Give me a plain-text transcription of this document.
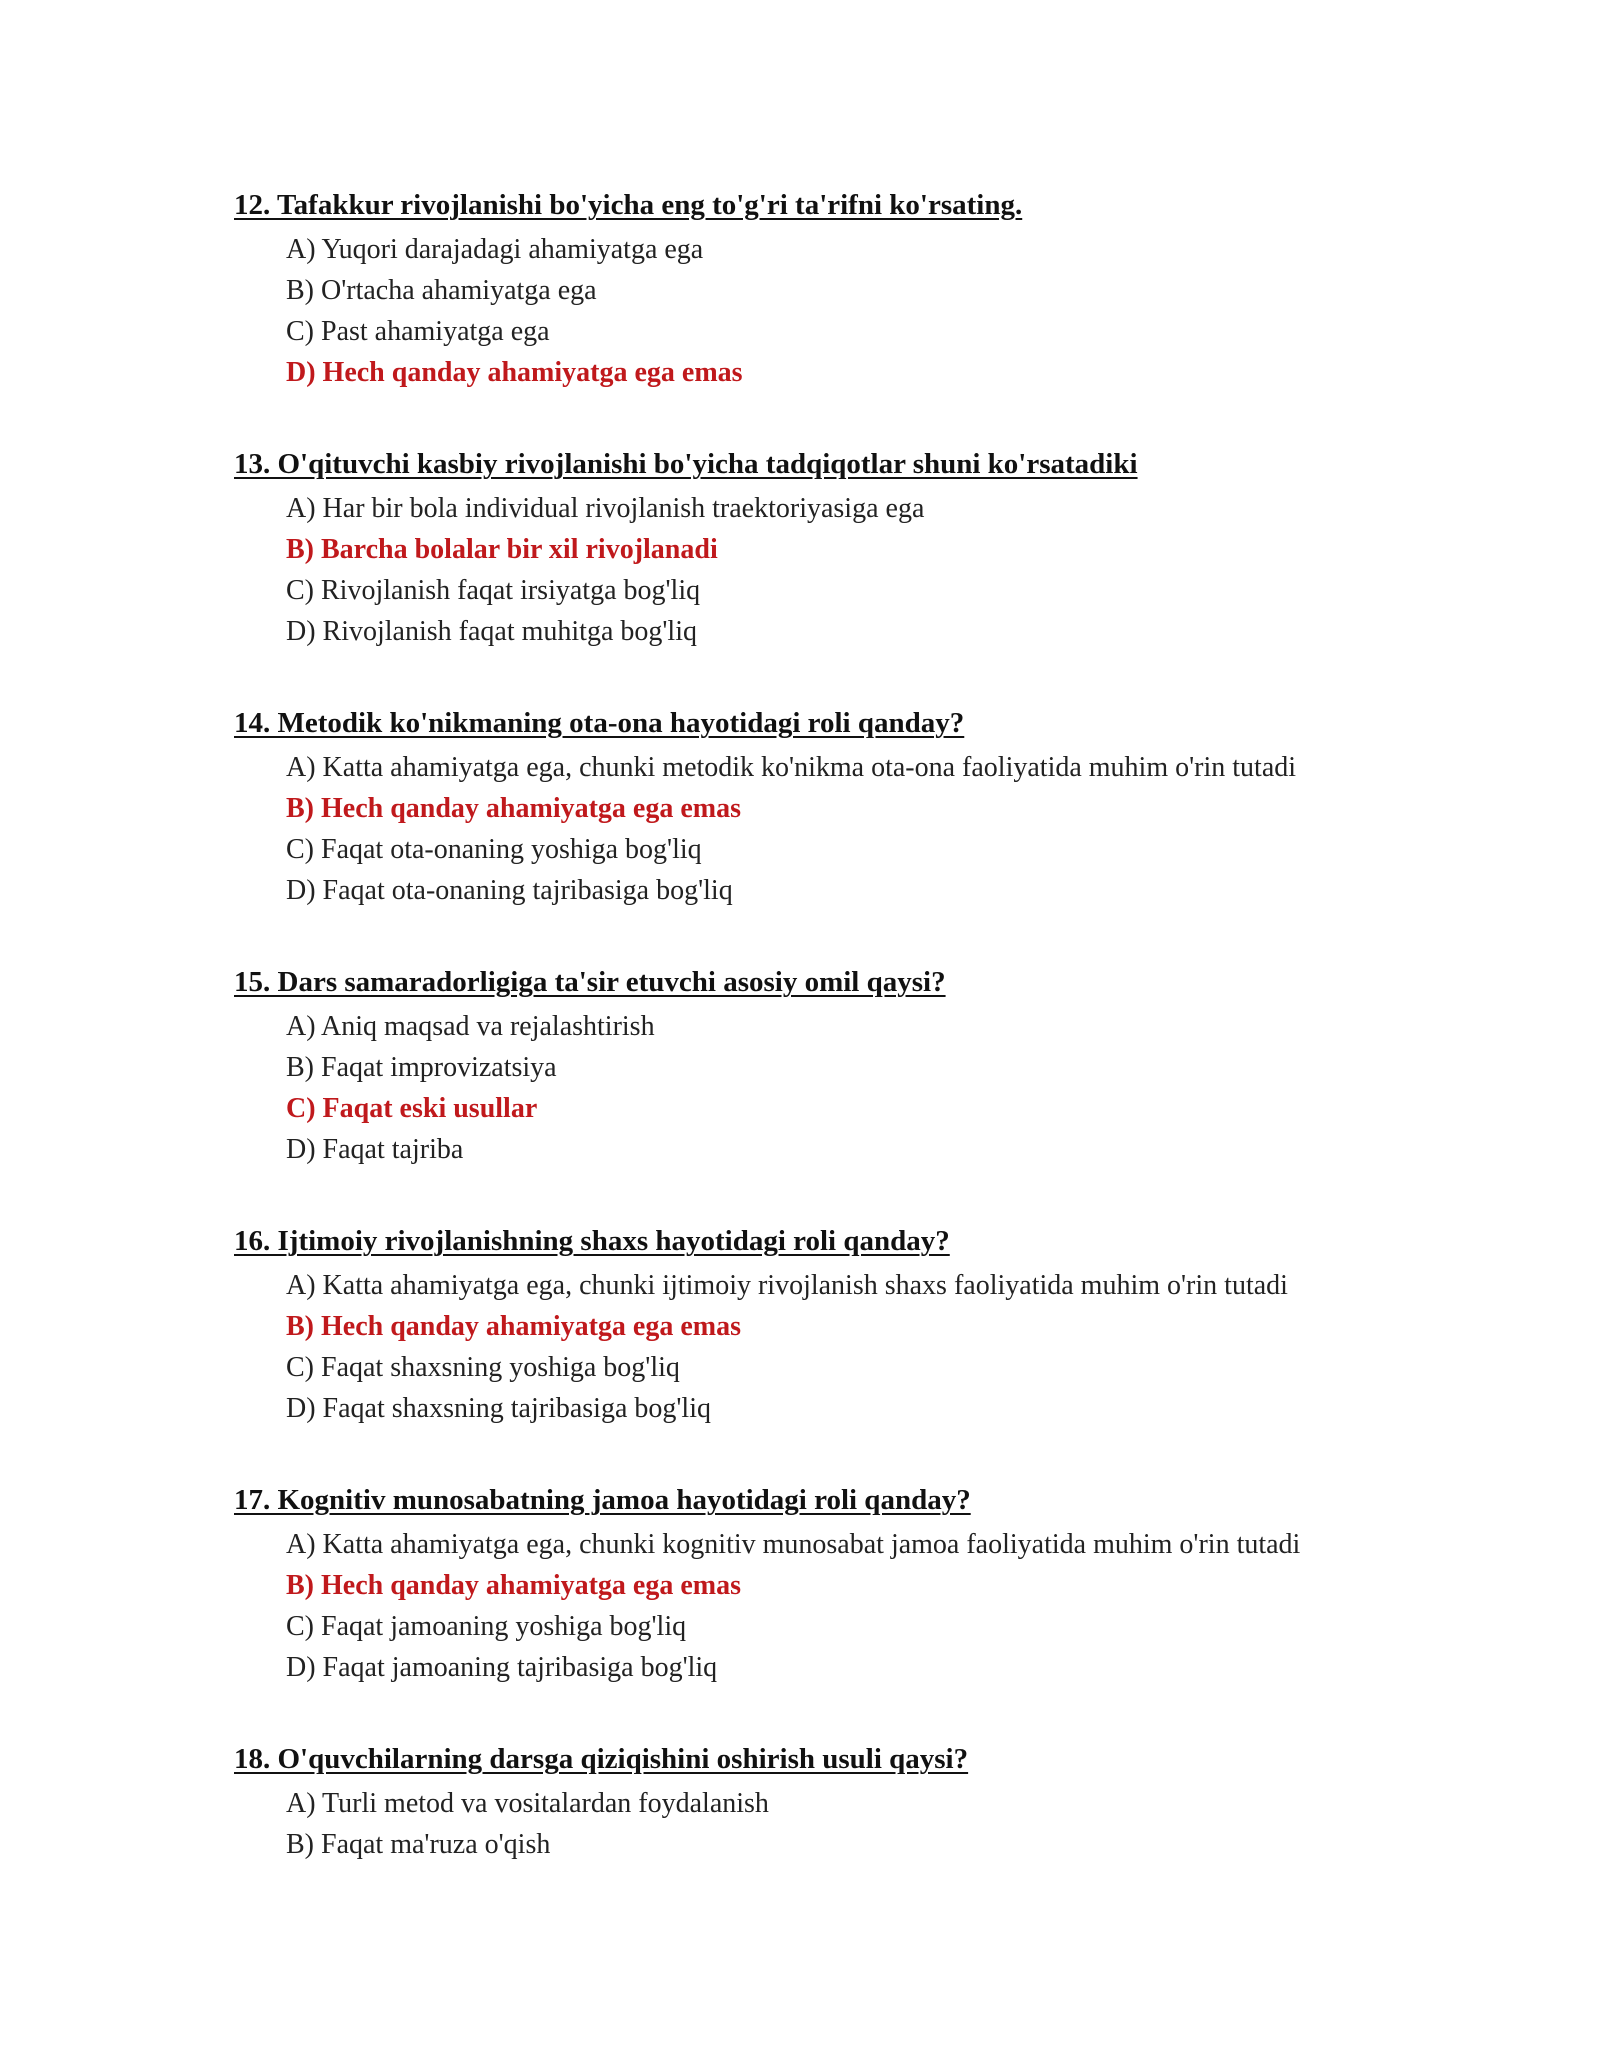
12. Tafakkur rivojlanishi bo'yicha eng to'g'ri ta'rifni ko'rsating.

A) Yuqori darajadagi ahamiyatga ega
B) O'rtacha ahamiyatga ega
C) Past ahamiyatga ega
D) Hech qanday ahamiyatga ega emas

13. O'qituvchi kasbiy rivojlanishi bo'yicha tadqiqotlar shuni ko'rsatadiki

A) Har bir bola individual rivojlanish traektoriyasiga ega
B) Barcha bolalar bir xil rivojlanadi
C) Rivojlanish faqat irsiyatga bog'liq
D) Rivojlanish faqat muhitga bog'liq

14. Metodik ko'nikmaning ota-ona hayotidagi roli qanday?

A) Katta ahamiyatga ega, chunki metodik ko'nikma ota-ona faoliyatida muhim o'rin tutadi
B) Hech qanday ahamiyatga ega emas
C) Faqat ota-onaning yoshiga bog'liq
D) Faqat ota-onaning tajribasiga bog'liq

15. Dars samaradorligiga ta'sir etuvchi asosiy omil qaysi?

A) Aniq maqsad va rejalashtirish
B) Faqat improvizatsiya
C) Faqat eski usullar
D) Faqat tajriba

16. Ijtimoiy rivojlanishning shaxs hayotidagi roli qanday?

A) Katta ahamiyatga ega, chunki ijtimoiy rivojlanish shaxs faoliyatida muhim o'rin tutadi
B) Hech qanday ahamiyatga ega emas
C) Faqat shaxsning yoshiga bog'liq
D) Faqat shaxsning tajribasiga bog'liq

17. Kognitiv munosabatning jamoa hayotidagi roli qanday?

A) Katta ahamiyatga ega, chunki kognitiv munosabat jamoa faoliyatida muhim o'rin tutadi
B) Hech qanday ahamiyatga ega emas
C) Faqat jamoaning yoshiga bog'liq
D) Faqat jamoaning tajribasiga bog'liq

18. O'quvchilarning darsga qiziqishini oshirish usuli qaysi?

A) Turli metod va vositalardan foydalanish
B) Faqat ma'ruza o'qish
